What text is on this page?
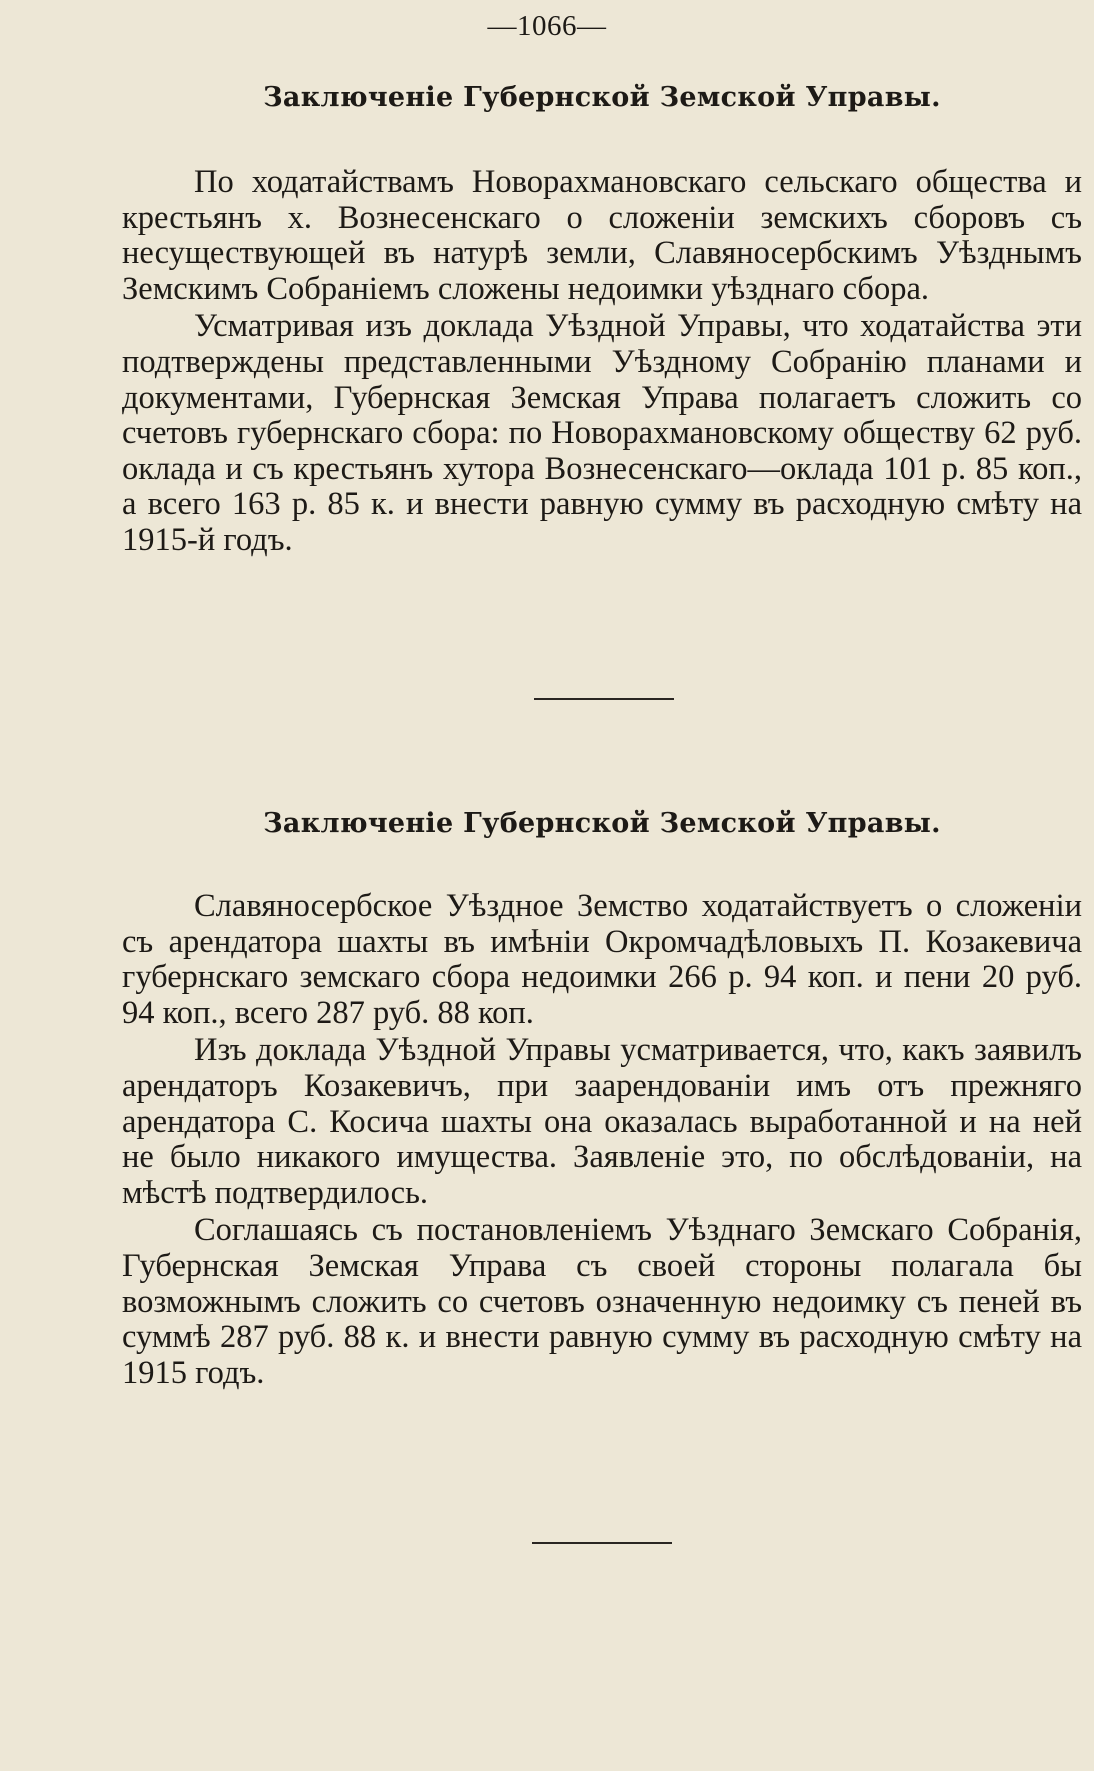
—1066—
Заключеніе Губернской Земской Управы.

По ходатайствамъ Новорахмановскаго сельскаго общества и крестьянъ х. Вознесенскаго о сложеніи земскихъ сборовъ съ несуществующей въ натурѣ земли, Славяносербскимъ Уѣзднымъ Земскимъ Собраніемъ сложены недоимки уѣзднаго сбора.

Усматривая изъ доклада Уѣздной Управы, что ходатайства эти подтверждены представленными Уѣздному Собранію планами и документами, Губернская Земская Управа полагаетъ сложить со счетовъ губернскаго сбора: по Новорахмановскому обществу 62 руб. оклада и съ крестьянъ хутора Вознесенскаго—оклада 101 р. 85 коп., а всего 163 р. 85 к. и внести равную сумму въ расходную смѣту на 1915-й годъ.

Заключеніе Губернской Земской Управы.

Славяносербское Уѣздное Земство ходатайствуетъ о сложеніи съ арендатора шахты въ имѣніи Окромчадѣловыхъ П. Козакевича губернскаго земскаго сбора недоимки 266 р. 94 коп. и пени 20 руб. 94 коп., всего 287 руб. 88 коп.

Изъ доклада Уѣздной Управы усматривается, что, какъ заявилъ арендаторъ Козакевичъ, при заарендованіи имъ отъ прежняго арендатора С. Косича шахты она оказалась выработанной и на ней не было никакого имущества. Заявленіе это, по обслѣдованіи, на мѣстѣ подтвердилось.

Соглашаясь съ постановленіемъ Уѣзднаго Земскаго Собранія, Губернская Земская Управа съ своей стороны полагала бы возможнымъ сложить со счетовъ означенную недоимку съ пеней въ суммѣ 287 руб. 88 к. и внести равную сумму въ расходную смѣту на 1915 годъ.
